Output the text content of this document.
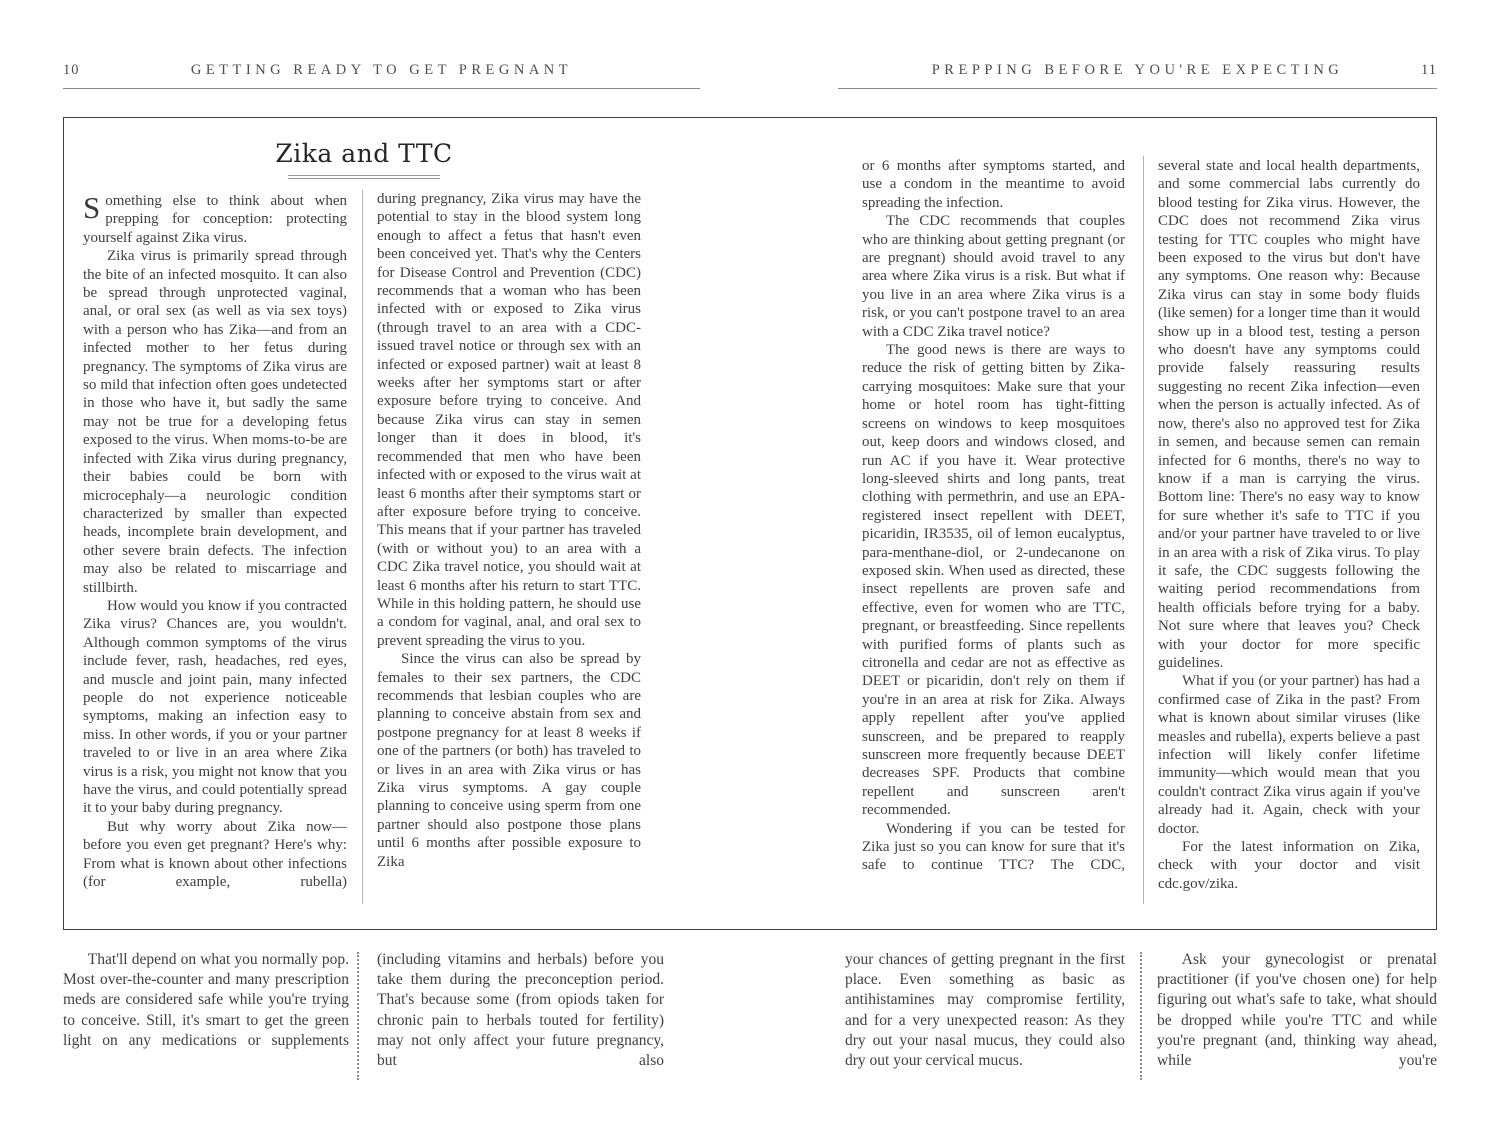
10	GETTING READY TO GET PREGNANT	PREPPING BEFORE YOU'RE EXPECTING	11
Zika and TTC

Something else to think about when prepping for conception: protecting yourself against Zika virus.

Zika virus is primarily spread through the bite of an infected mosquito. It can also be spread through unprotected vaginal, anal, or oral sex (as well as via sex toys) with a person who has Zika—and from an infected mother to her fetus during pregnancy. The symptoms of Zika virus are so mild that infection often goes undetected in those who have it, but sadly the same may not be true for a developing fetus exposed to the virus. When moms-to-be are infected with Zika virus during pregnancy, their babies could be born with microcephaly—a neurologic condition characterized by smaller than expected heads, incomplete brain development, and other severe brain defects. The infection may also be related to miscarriage and stillbirth.

How would you know if you contracted Zika virus? Chances are, you wouldn't. Although common symptoms of the virus include fever, rash, headaches, red eyes, and muscle and joint pain, many infected people do not experience noticeable symptoms, making an infection easy to miss. In other words, if you or your partner traveled to or live in an area where Zika virus is a risk, you might not know that you have the virus, and could potentially spread it to your baby during pregnancy.

But why worry about Zika now—before you even get pregnant? Here's why: From what is known about other infections (for example, rubella)

during pregnancy, Zika virus may have the potential to stay in the blood system long enough to affect a fetus that hasn't even been conceived yet. That's why the Centers for Disease Control and Prevention (CDC) recommends that a woman who has been infected with or exposed to Zika virus (through travel to an area with a CDC-issued travel notice or through sex with an infected or exposed partner) wait at least 8 weeks after her symptoms start or after exposure before trying to conceive. And because Zika virus can stay in semen longer than it does in blood, it's recommended that men who have been infected with or exposed to the virus wait at least 6 months after their symptoms start or after exposure before trying to conceive. This means that if your partner has traveled (with or without you) to an area with a CDC Zika travel notice, you should wait at least 6 months after his return to start TTC. While in this holding pattern, he should use a condom for vaginal, anal, and oral sex to prevent spreading the virus to you.

Since the virus can also be spread by females to their sex partners, the CDC recommends that lesbian couples who are planning to conceive abstain from sex and postpone pregnancy for at least 8 weeks if one of the partners (or both) has traveled to or lives in an area with Zika virus or has Zika virus symptoms. A gay couple planning to conceive using sperm from one partner should also postpone those plans until 6 months after possible exposure to Zika

or 6 months after symptoms started, and use a condom in the meantime to avoid spreading the infection.

The CDC recommends that couples who are thinking about getting pregnant (or are pregnant) should avoid travel to any area where Zika virus is a risk. But what if you live in an area where Zika virus is a risk, or you can't postpone travel to an area with a CDC Zika travel notice?

The good news is there are ways to reduce the risk of getting bitten by Zika-carrying mosquitoes: Make sure that your home or hotel room has tight-fitting screens on windows to keep mosquitoes out, keep doors and windows closed, and run AC if you have it. Wear protective long-sleeved shirts and long pants, treat clothing with permethrin, and use an EPA-registered insect repellent with DEET, picaridin, IR3535, oil of lemon eucalyptus, para-menthane-diol, or 2-undecanone on exposed skin. When used as directed, these insect repellents are proven safe and effective, even for women who are TTC, pregnant, or breastfeeding. Since repellents with purified forms of plants such as citronella and cedar are not as effective as DEET or picaridin, don't rely on them if you're in an area at risk for Zika. Always apply repellent after you've applied sunscreen, and be prepared to reapply sunscreen more frequently because DEET decreases SPF. Products that combine repellent and sunscreen aren't recommended.

Wondering if you can be tested for Zika just so you can know for sure that it's safe to continue TTC? The CDC,

several state and local health departments, and some commercial labs currently do blood testing for Zika virus. However, the CDC does not recommend Zika virus testing for TTC couples who might have been exposed to the virus but don't have any symptoms. One reason why: Because Zika virus can stay in some body fluids (like semen) for a longer time than it would show up in a blood test, testing a person who doesn't have any symptoms could provide falsely reassuring results suggesting no recent Zika infection—even when the person is actually infected. As of now, there's also no approved test for Zika in semen, and because semen can remain infected for 6 months, there's no way to know if a man is carrying the virus. Bottom line: There's no easy way to know for sure whether it's safe to TTC if you and/or your partner have traveled to or live in an area with a risk of Zika virus. To play it safe, the CDC suggests following the waiting period recommendations from health officials before trying for a baby. Not sure where that leaves you? Check with your doctor for more specific guidelines.

What if you (or your partner) has had a confirmed case of Zika in the past? From what is known about similar viruses (like measles and rubella), experts believe a past infection will likely confer lifetime immunity—which would mean that you couldn't contract Zika virus again if you've already had it. Again, check with your doctor.

For the latest information on Zika, check with your doctor and visit cdc.gov/zika.

That'll depend on what you normally pop. Most over-the-counter and many prescription meds are considered safe while you're trying to conceive. Still, it's smart to get the green light on any medications or supplements

(including vitamins and herbals) before you take them during the preconception period. That's because some (from opiods taken for chronic pain to herbals touted for fertility) may not only affect your future pregnancy, but also

your chances of getting pregnant in the first place. Even something as basic as antihistamines may compromise fertility, and for a very unexpected reason: As they dry out your nasal mucus, they could also dry out your cervical mucus.

Ask your gynecologist or prenatal practitioner (if you've chosen one) for help figuring out what's safe to take, what should be dropped while you're TTC and while you're pregnant (and, thinking way ahead, while you're
